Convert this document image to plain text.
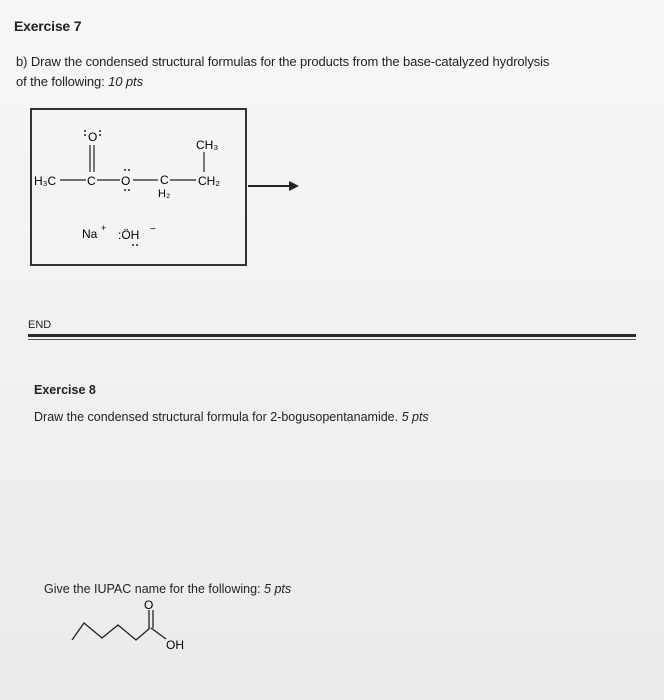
Exercise 7
b) Draw the condensed structural formulas for the products from the base-catalyzed hydrolysis
of the following: 10 pts
O
H₃C	C O C
H₂
CH₃
CH₂
Na + :ÖH −
O
OH
END
Exercise 8
Draw the condensed structural formula for 2-bogusopentanamide. 5 pts
Give the IUPAC name for the following: 5 pts
